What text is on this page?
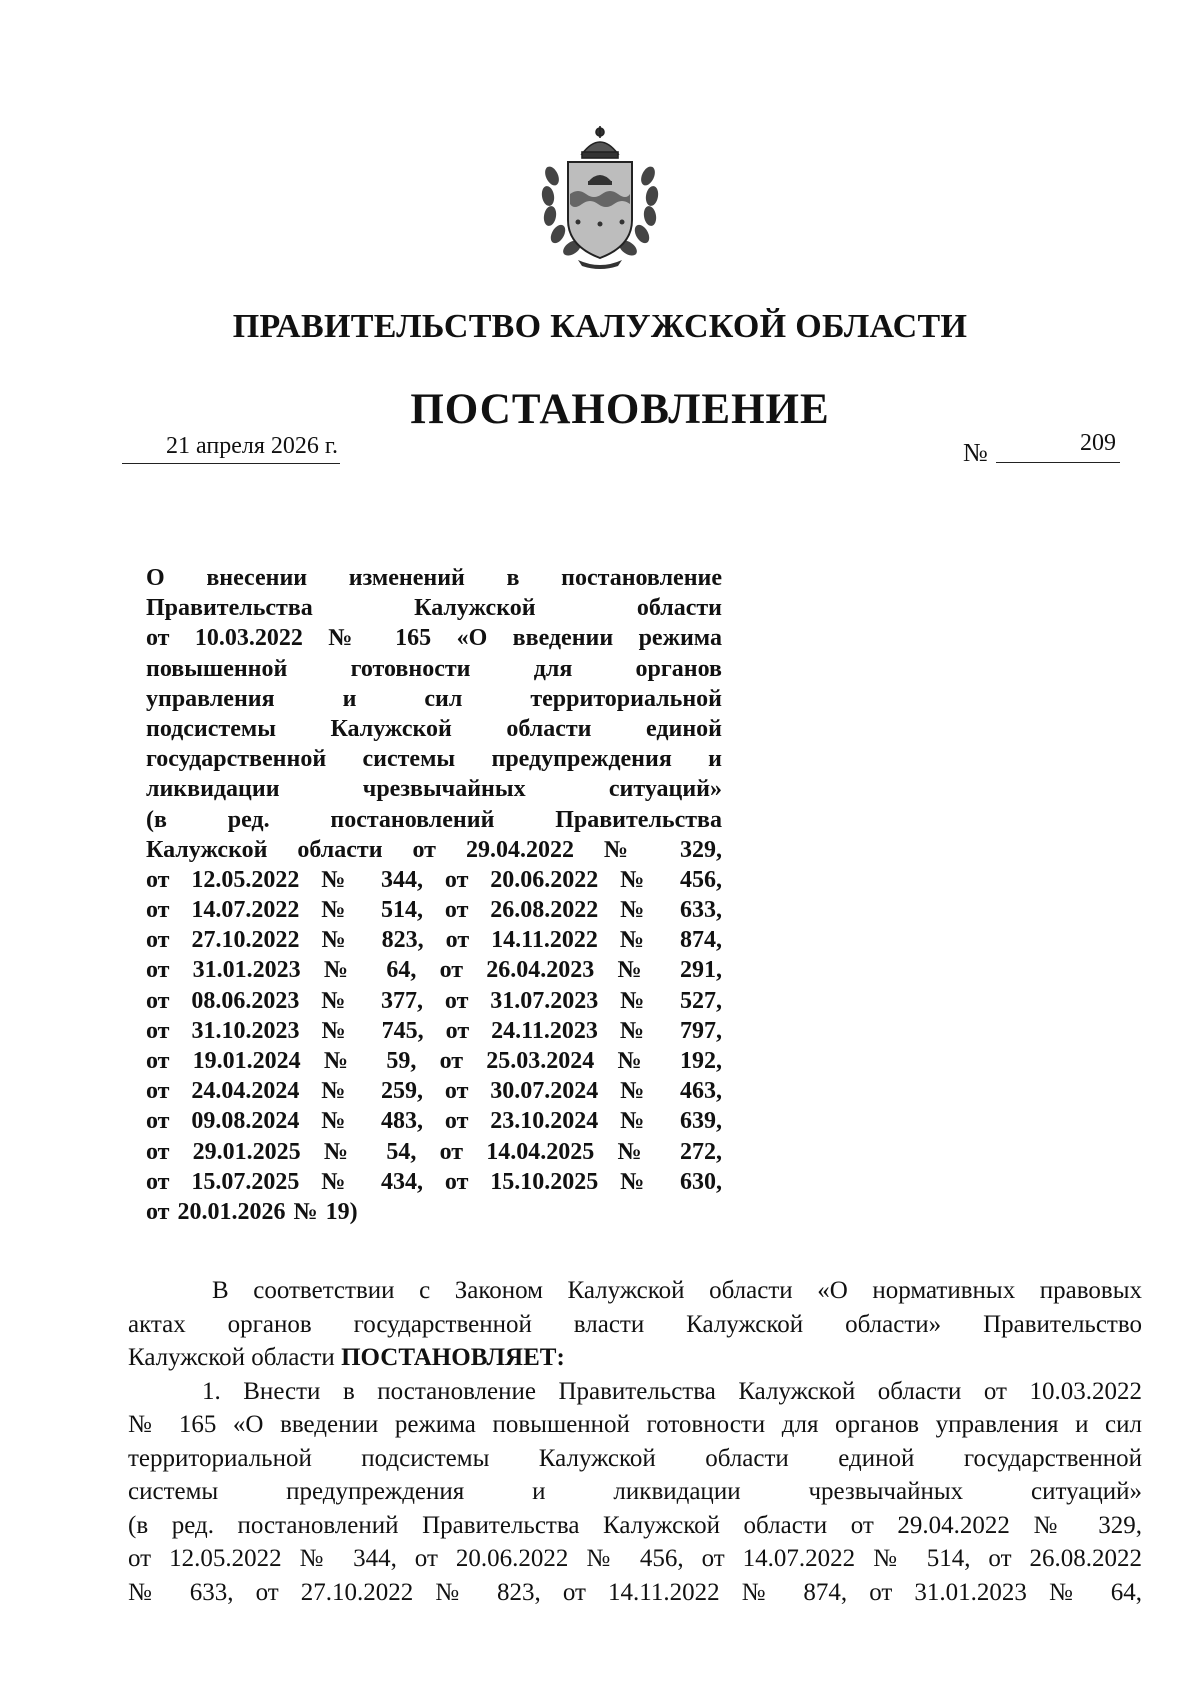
ПРАВИТЕЛЬСТВО КАЛУЖСКОЙ ОБЛАСТИ
ПОСТАНОВЛЕНИЕ
21 апреля 2026 г.	№	209
О внесении изменений в постановление
Правительства Калужской области
от 10.03.2022 № 165 «О введении режима
повышенной готовности для органов
управления и сил территориальной
подсистемы Калужской области единой
государственной системы предупреждения и
ликвидации чрезвычайных ситуаций»
(в ред. постановлений Правительства
Калужской области от 29.04.2022 № 329,
от 12.05.2022 № 344, от 20.06.2022 № 456,
от 14.07.2022 № 514, от 26.08.2022 № 633,
от 27.10.2022 № 823, от 14.11.2022 № 874,
от 31.01.2023 № 64, от 26.04.2023 № 291,
от 08.06.2023 № 377, от 31.07.2023 № 527,
от 31.10.2023 № 745, от 24.11.2023 № 797,
от 19.01.2024 № 59, от 25.03.2024 № 192,
от 24.04.2024 № 259, от 30.07.2024 № 463,
от 09.08.2024 № 483, от 23.10.2024 № 639,
от 29.01.2025 № 54, от 14.04.2025 № 272,
от 15.07.2025 № 434, от 15.10.2025 № 630,
от 20.01.2026 № 19)
В соответствии с Законом Калужской области «О нормативных правовых
актах органов государственной власти Калужской области» Правительство
Калужской области ПОСТАНОВЛЯЕТ:
1. Внести в постановление Правительства Калужской области от 10.03.2022
№ 165 «О введении режима повышенной готовности для органов управления и сил
территориальной подсистемы Калужской области единой государственной
системы предупреждения и ликвидации чрезвычайных ситуаций»
(в ред. постановлений Правительства Калужской области от 29.04.2022 № 329,
от 12.05.2022 № 344, от 20.06.2022 № 456, от 14.07.2022 № 514, от 26.08.2022
№ 633, от 27.10.2022 № 823, от 14.11.2022 № 874, от 31.01.2023 № 64,
